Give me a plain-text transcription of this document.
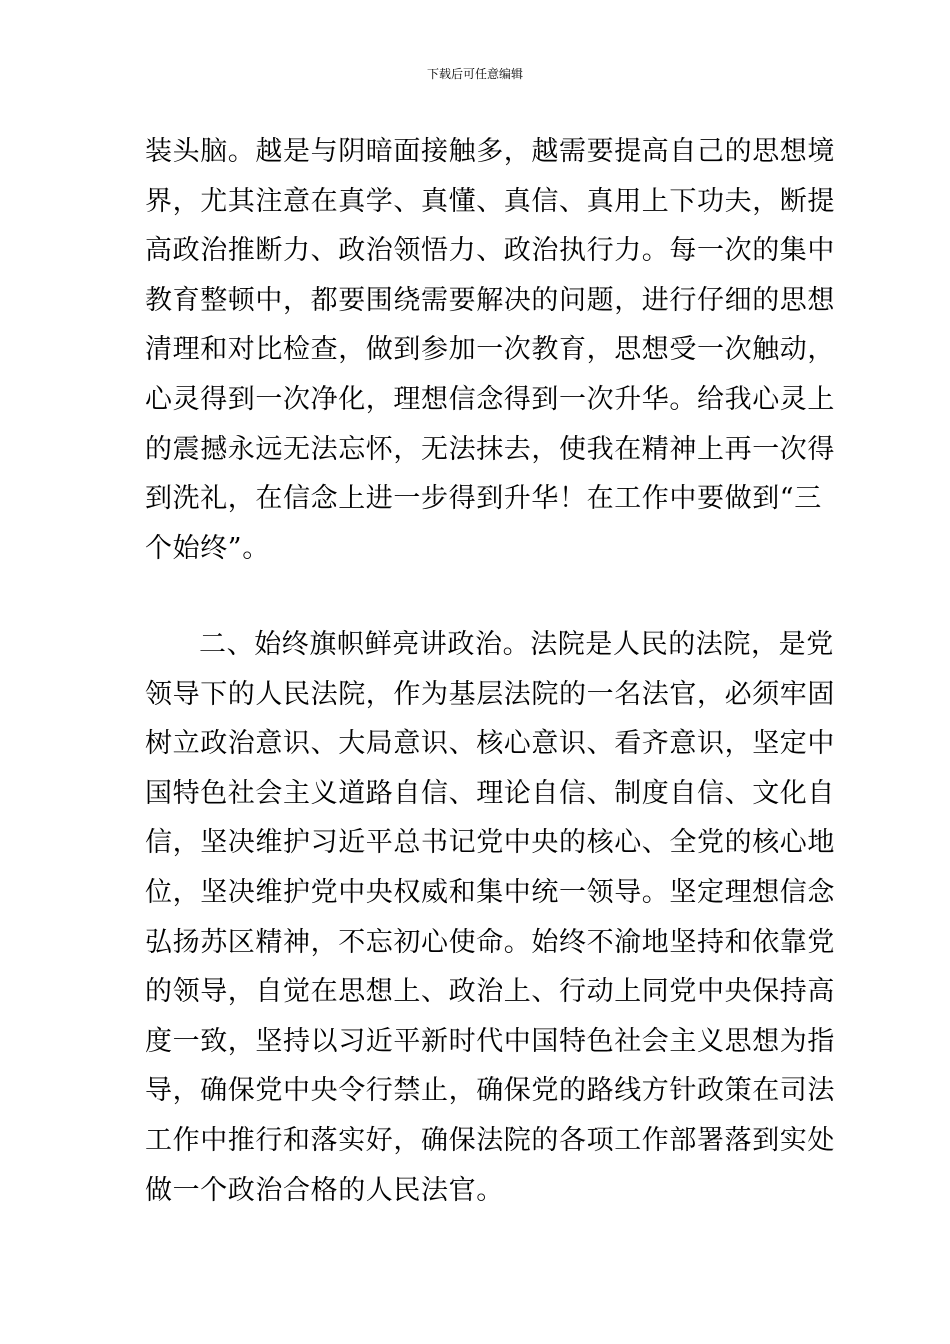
下载后可任意编辑
装头脑。越是与阴暗面接触多，越需要提高自己的思想境
界，尤其注意在真学、真懂、真信、真用上下功夫，断提
高政治推断力、政治领悟力、政治执行力。每一次的集中
教育整顿中，都要围绕需要解决的问题，进行仔细的思想
清理和对比检查，做到参加一次教育，思想受一次触动，
心灵得到一次净化，理想信念得到一次升华。给我心灵上
的震撼永远无法忘怀，无法抹去，使我在精神上再一次得
到洗礼，在信念上进一步得到升华！在工作中要做到“三
个始终”。
二、始终旗帜鲜亮讲政治。法院是人民的法院，是党
领导下的人民法院，作为基层法院的一名法官，必须牢固
树立政治意识、大局意识、核心意识、看齐意识，坚定中
国特色社会主义道路自信、理论自信、制度自信、文化自
信，坚决维护习近平总书记党中央的核心、全党的核心地
位，坚决维护党中央权威和集中统一领导。坚定理想信念
弘扬苏区精神，不忘初心使命。始终不渝地坚持和依靠党
的领导，自觉在思想上、政治上、行动上同党中央保持高
度一致，坚持以习近平新时代中国特色社会主义思想为指
导，确保党中央令行禁止，确保党的路线方针政策在司法
工作中推行和落实好，确保法院的各项工作部署落到实处
做一个政治合格的人民法官。
